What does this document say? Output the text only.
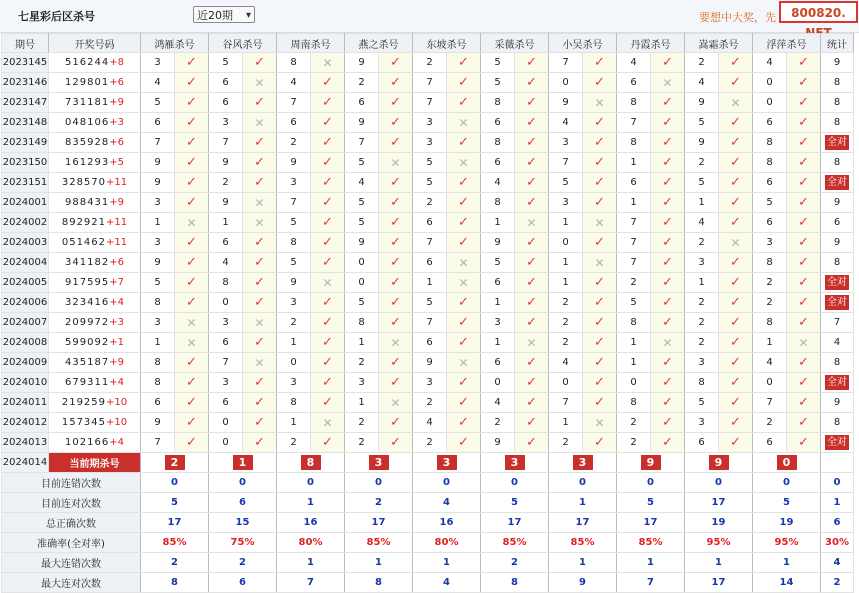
七星彩后区杀号	近20期 ▾	要想中大奖，先	800820.
期号	开奖号码	鸿雁杀号		谷风杀号		周南杀号		燕之杀号		东坡杀号		采薇杀号		小吴杀号		丹霞杀号		嵩霜杀号		浮萍杀号		统计
2023145	516244+8	3	✓	5	✓	8	✕	9	✓	2	✓	5	✓	7	✓	4	✓	2	✓	4	✓	9
2023146	129801+6	4	✓	6	✕	4	✓	2	✓	7	✓	5	✓	0	✓	6	✕	4	✓	0	✓	8
2023147	731181+9	5	✓	6	✓	7	✓	6	✓	7	✓	8	✓	9	✕	8	✓	9	✕	0	✓	8
2023148	048106+3	6	✓	3	✕	6	✓	9	✓	3	✕	6	✓	4	✓	7	✓	5	✓	6	✓	8
2023149	835928+6	7	✓	7	✓	2	✓	7	✓	3	✓	8	✓	3	✓	8	✓	9	✓	8	✓	全对
2023150	161293+5	9	✓	9	✓	9	✓	5	✕	5	✕	6	✓	7	✓	1	✓	2	✓	8	✓	8
2023151	328570+11	9	✓	2	✓	3	✓	4	✓	5	✓	4	✓	5	✓	6	✓	5	✓	6	✓	全对
2024001	988431+9	3	✓	9	✕	7	✓	5	✓	2	✓	8	✓	3	✓	1	✓	1	✓	5	✓	9
2024002	892921+11	1	✕	1	✕	5	✓	5	✓	6	✓	1	✕	1	✕	7	✓	4	✓	6	✓	6
2024003	051462+11	3	✓	6	✓	8	✓	9	✓	7	✓	9	✓	0	✓	7	✓	2	✕	3	✓	9
2024004	341182+6	9	✓	4	✓	5	✓	0	✓	6	✕	5	✓	1	✕	7	✓	3	✓	8	✓	8
2024005	917595+7	5	✓	8	✓	9	✕	0	✓	1	✕	6	✓	1	✓	2	✓	1	✓	2	✓	全对
2024006	323416+4	8	✓	0	✓	3	✓	5	✓	5	✓	1	✓	2	✓	5	✓	2	✓	2	✓	全对
2024007	209972+3	3	✕	3	✕	2	✓	8	✓	7	✓	3	✓	2	✓	8	✓	2	✓	8	✓	7
2024008	599092+1	1	✕	6	✓	1	✓	1	✕	6	✓	1	✕	2	✓	1	✕	2	✓	1	✕	4
2024009	435187+9	8	✓	7	✕	0	✓	2	✓	9	✕	6	✓	4	✓	1	✓	3	✓	4	✓	8
2024010	679311+4	8	✓	3	✓	3	✓	3	✓	3	✓	0	✓	0	✓	0	✓	8	✓	0	✓	全对
2024011	219259+10	6	✓	6	✓	8	✓	1	✕	2	✓	4	✓	7	✓	8	✓	5	✓	7	✓	9
2024012	157345+10	9	✓	0	✓	1	✕	2	✓	4	✓	2	✓	1	✕	2	✓	3	✓	2	✓	8
2024013	102166+4	7	✓	0	✓	2	✓	2	✓	2	✓	9	✓	2	✓	2	✓	6	✓	6	✓	全对
2024014	当前期杀号	2		1		8		3		3		3		3		9		9		0		
目前连错次数		0		0		0		0		0		0		0		0		0		0		0
目前连对次数		5		6		1		2		4		5		1		5		17		5		1
总正确次数		17		15		16		17		16		17		17		17		19		19		6
准确率(全对率)		85%		75%		80%		85%		80%		85%		85%		85%		95%		95%		30%
最大连错次数		2		2		1		1		1		2		1		1		1		1		4
最大连对次数		8		6		7		8		4		8		9		7		17		14		2
